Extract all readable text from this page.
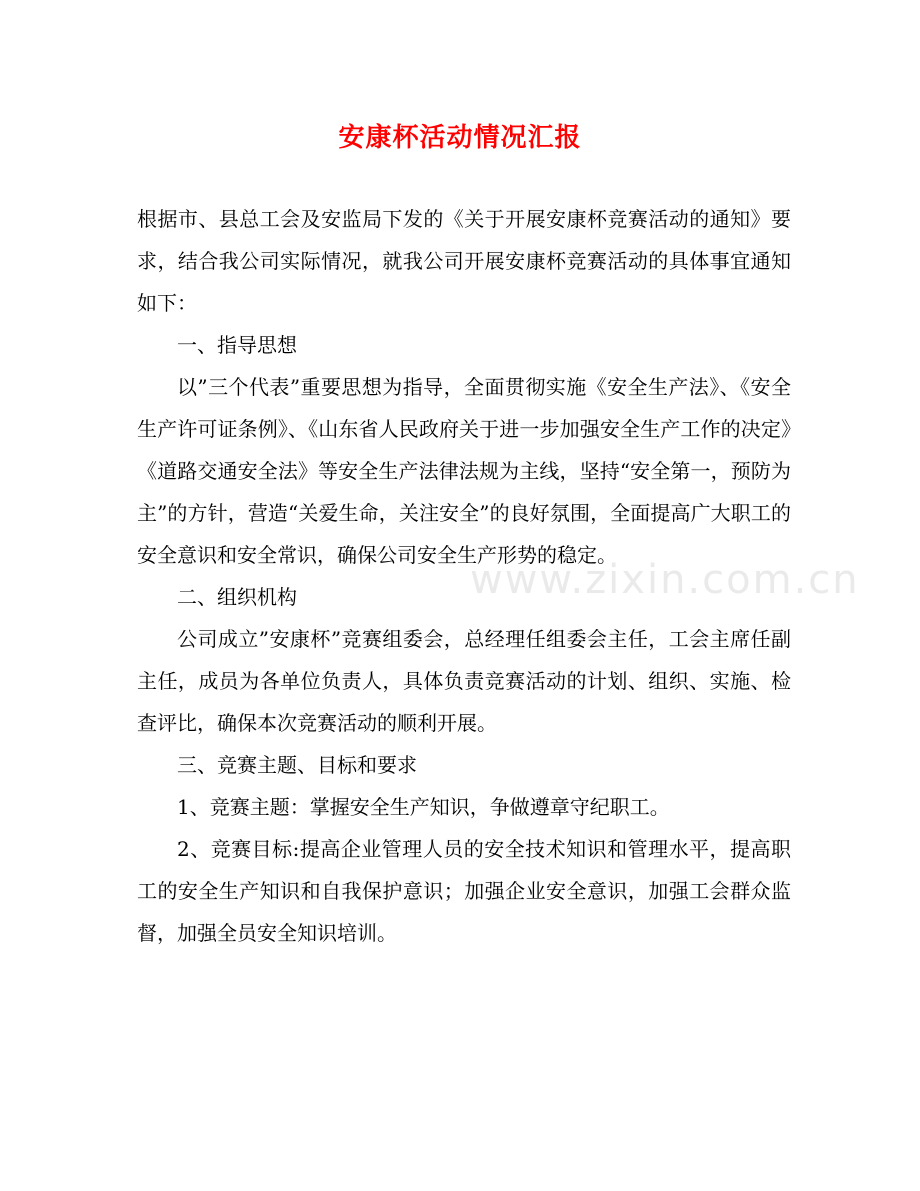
安康杯活动情况汇报
www.zixin.com.cn

根据市、县总工会及安监局下发的《关于开展安康杯竞赛活动的通知》要求，结合我公司实际情况，就我公司开展安康杯竞赛活动的具体事宜通知如下：

一、指导思想

以”三个代表”重要思想为指导，全面贯彻实施《安全生产法》、《安全生产许可证条例》、《山东省人民政府关于进一步加强安全生产工作的决定》《道路交通安全法》等安全生产法律法规为主线，坚持“安全第一，预防为主”的方针，营造“关爱生命，关注安全”的良好氛围，全面提高广大职工的安全意识和安全常识，确保公司安全生产形势的稳定。

二、组织机构

公司成立”安康杯”竞赛组委会，总经理任组委会主任，工会主席任副主任，成员为各单位负责人，具体负责竞赛活动的计划、组织、实施、检查评比，确保本次竞赛活动的顺利开展。

三、竞赛主题、目标和要求

1、竞赛主题：掌握安全生产知识，争做遵章守纪职工。

2、竞赛目标:提高企业管理人员的安全技术知识和管理水平，提高职工的安全生产知识和自我保护意识；加强企业安全意识，加强工会群众监督，加强全员安全知识培训。
